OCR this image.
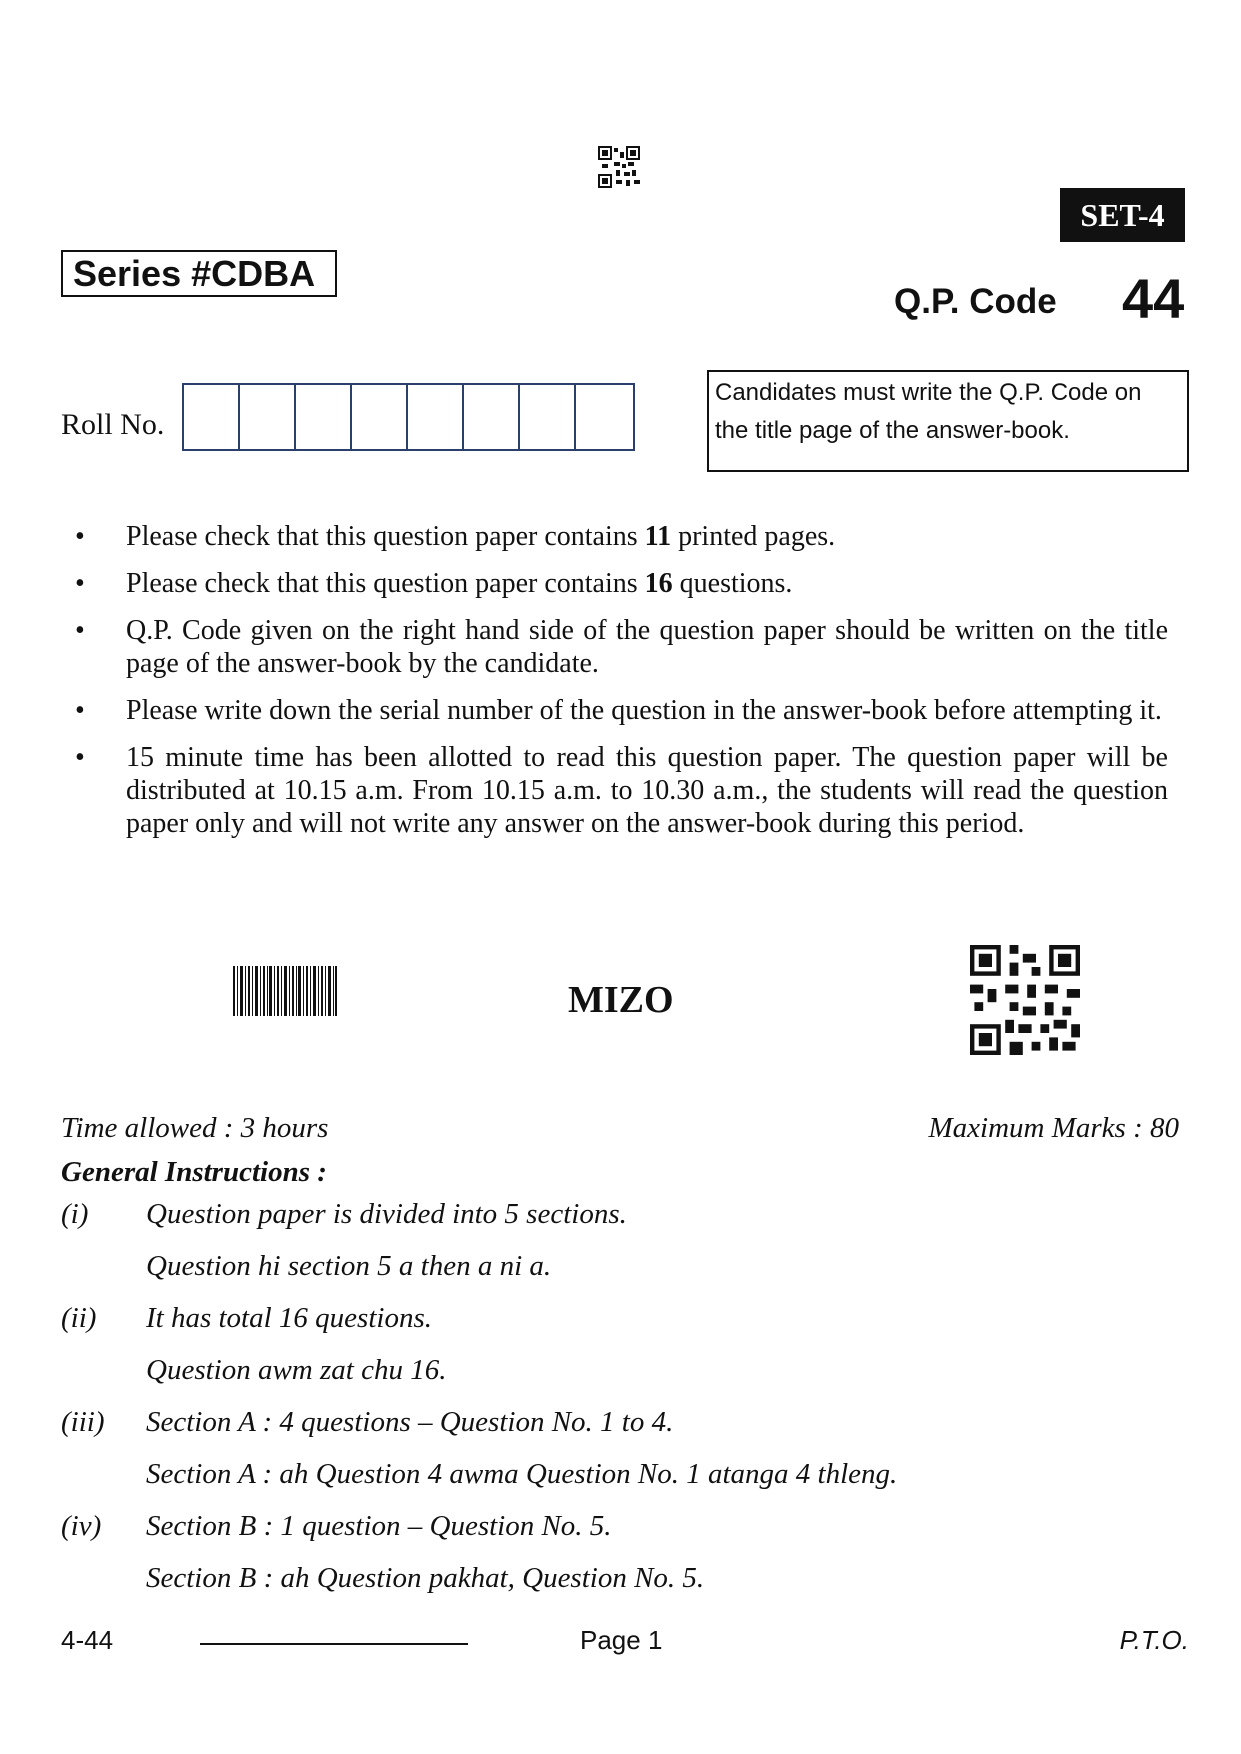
SET-4
Series #CDBA
Q.P. Code 44
Roll No.
Candidates must write the Q.P. Code on the title page of the answer-book.
• Please check that this question paper contains 11 printed pages.
• Please check that this question paper contains 16 questions.
• Q.P. Code given on the right hand side of the question paper should be written on the title page of the answer-book by the candidate.
• Please write down the serial number of the question in the answer-book before attempting it.
• 15 minute time has been allotted to read this question paper. The question paper will be distributed at 10.15 a.m. From 10.15 a.m. to 10.30 a.m., the students will read the question paper only and will not write any answer on the answer-book during this period.
MIZO
Time allowed : 3 hours	Maximum Marks : 80
General Instructions :
(i) Question paper is divided into 5 sections.
Question hi section 5 a then a ni a.
(ii) It has total 16 questions.
Question awm zat chu 16.
(iii) Section A : 4 questions – Question No. 1 to 4.
Section A : ah Question 4 awma Question No. 1 atanga 4 thleng.
(iv) Section B : 1 question – Question No. 5.
Section B : ah Question pakhat, Question No. 5.
4-44	Page 1	P.T.O.
